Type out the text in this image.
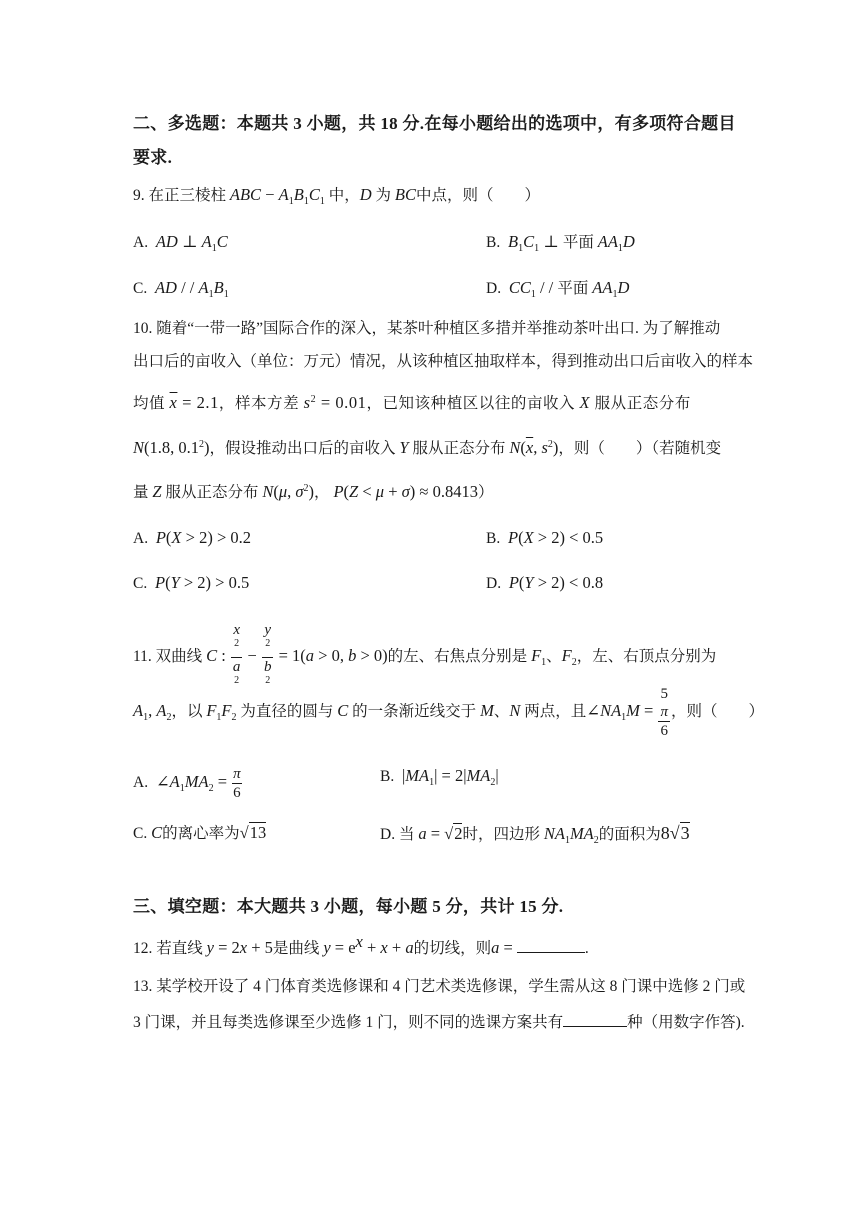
二、多选题：本题共 3 小题，共 18 分.在每小题给出的选项中，有多项符合题目
要求.
9. 在正三棱柱 ABC − $A_1B_1C_1$ 中，D 为 BC中点，则（　　）
A. AD ⊥ $A_1C$	B. $B_1C_1$ ⊥ 平面 $AA_1D$
C. AD / / $A_1B_1$	D. $CC_1$ / / 平面 $AA_1D$
10. 随着“一带一路”国际合作的深入，某茶叶种植区多措并举推动茶叶出口. 为了解推动
出口后的亩收入（单位：万元）情况，从该种植区抽取样本，得到推动出口后亩收入的样本
均值 $\overline{x} = 2.1$，样本方差 $s^2 = 0.01$，已知该种植区以往的亩收入 X 服从正态分布
N(1.8, $0.1^2$)，假设推动出口后的亩收入 Y 服从正态分布 $N(\overline{x}$, $s^2$)，则（　　）（若随机变
量 Z 服从正态分布 N(μ, $\sigma^2$)， P(Z < μ + σ) ≈ 0.8413）
A. P(X > 2) > 0.2	B. P(X > 2) < 0.5
C. P(Y > 2) > 0.5	D. P(Y > 2) < 0.8
11. 双曲线 C : x
$^2$
a
$^2$ − y
$^2$
b
$^2$ = 1(a > 0, b > 0)的左、右焦点分别是 $F_1$、$F_2$，左、右顶点分别为
$A_1$, $A_2$，以 $F_1F_2$ 为直径的圆与 C 的一条渐近线交于 M、N 两点，且$\angle NA_1M = 5$
π
6 ，则（　　）
A. $\angle A_1MA_2 = \frac{\pi}{6}$	B. $|MA_1| = 2|MA_2|$
C. C的离心率为√13	D. 当 a = √2时，四边形 $NA_1MA_2$的面积为8√3
三、填空题：本大题共 3 小题，每小题 5 分，共计 15 分.
12. 若直线 y = 2x + 5是曲线 $y = e^x + x + a$的切线，则a =	.
13. 某学校开设了 4 门体育类选修课和 4 门艺术类选修课，学生需从这 8 门课中选修 2 门或
3 门课，并且每类选修课至少选修 1 门，则不同的选课方案共有	种（用数字作答).
